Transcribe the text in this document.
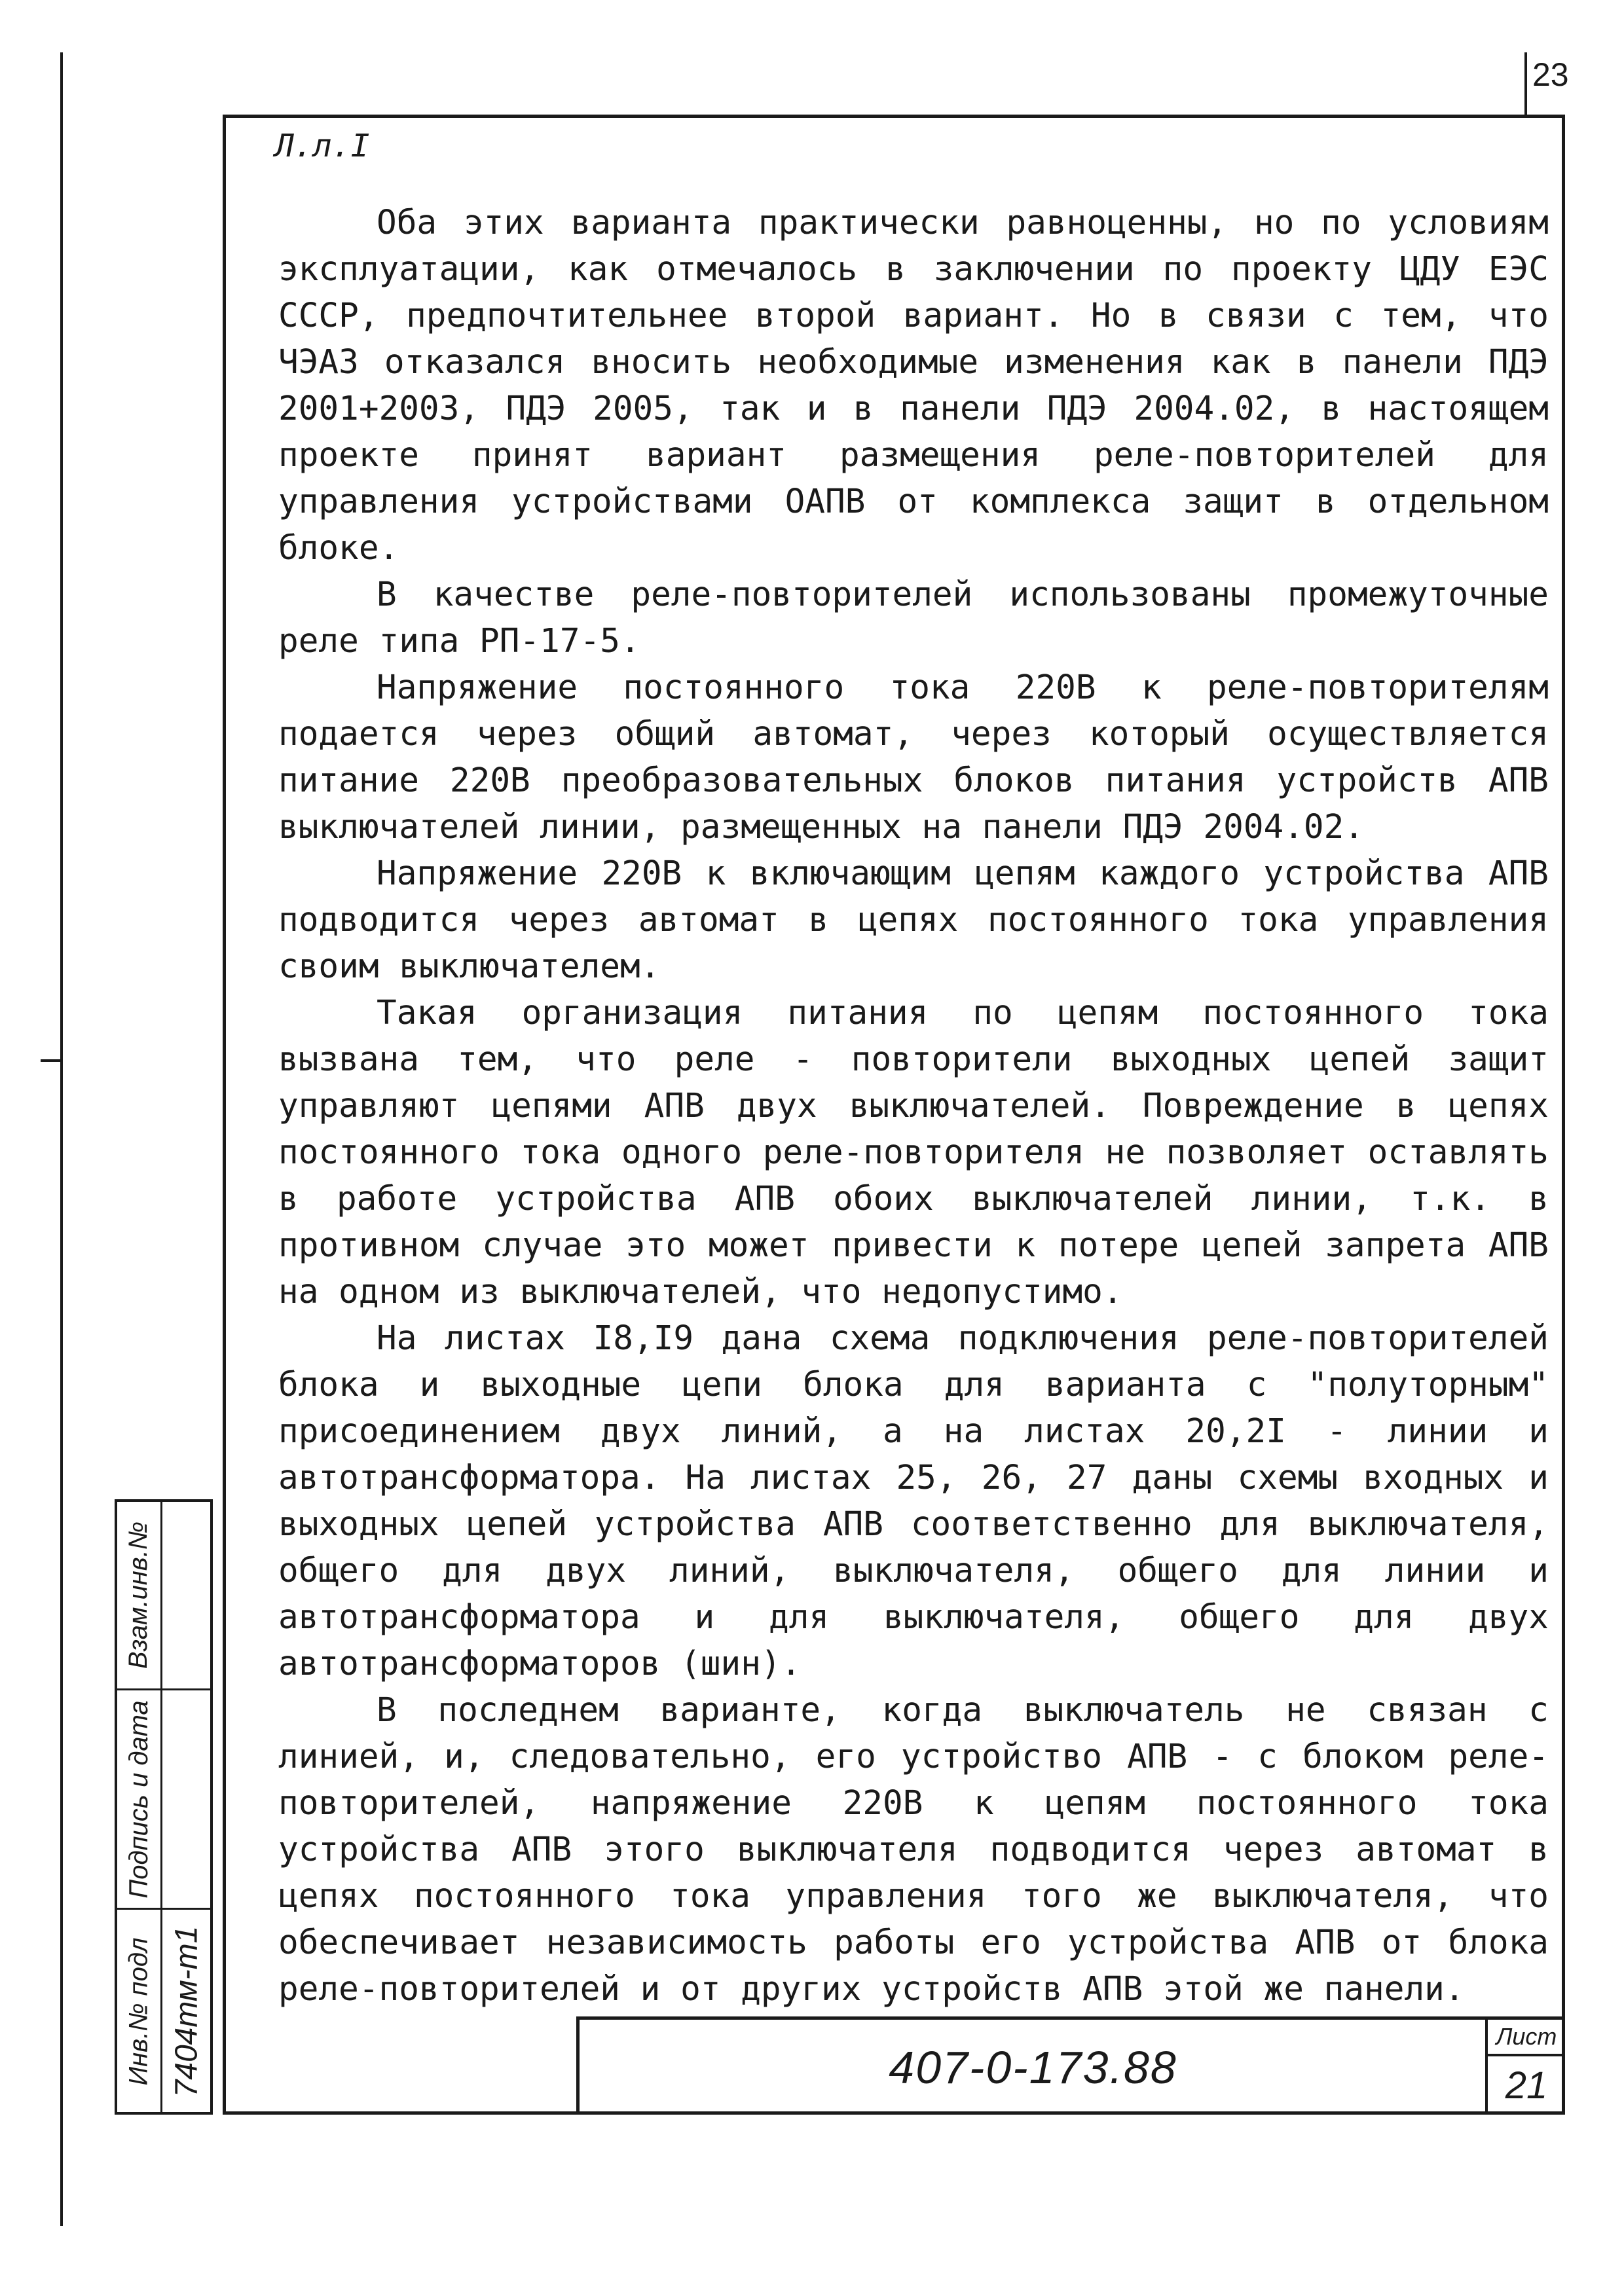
23
Л.л.I

Оба этих варианта практически равноценны, но по условиям эксплуатации, как отмечалось в заключении по проекту ЦДУ ЕЭС СССР, предпочтительнее второй вариант. Но в связи с тем, что ЧЭАЗ отказался вносить необходимые изменения как в панели ПДЭ 2001+2003, ПДЭ 2005, так и в панели ПДЭ 2004.02, в настоящем проекте принят вариант размещения реле-повторителей для управления устройствами ОАПВ от комплекса защит в отдельном блоке.

В качестве реле-повторителей использованы промежуточные реле типа РП-17-5.

Напряжение постоянного тока 220В к реле-повторителям подается через общий автомат, через который осуществляется питание 220В преобразовательных блоков питания устройств АПВ выключателей линии, размещенных на панели ПДЭ 2004.02.

Напряжение 220В к включающим цепям каждого устройства АПВ подводится через автомат в цепях постоянного тока управления своим выключателем.

Такая организация питания по цепям постоянного тока вызвана тем, что реле - повторители выходных цепей защит управляют цепями АПВ двух выключателей. Повреждение в цепях постоянного тока одного реле-повторителя не позволяет оставлять в работе устройства АПВ обоих выключателей линии, т.к. в противном случае это может привести к потере цепей запрета АПВ на одном из выключателей, что недопустимо.

На листах I8,I9 дана схема подключения реле-повторителей блока и выходные цепи блока для варианта с "полуторным" присоединением двух линий, а на листах 20,2I - линии и автотрансформатора. На листах 25, 26, 27 даны схемы входных и выходных цепей устройства АПВ соответственно для выключателя, общего для двух линий, выключателя, общего для линии и автотрансформатора и для выключателя, общего для двух автотрансформаторов (шин).

В последнем варианте, когда выключатель не связан с линией, и, следовательно, его устройство АПВ - с блоком реле-повторителей, напряжение 220В к цепям постоянного тока устройства АПВ этого выключателя подводится через автомат в цепях постоянного тока управления того же выключателя, что обеспечивает независимость работы его устройства АПВ от блока реле-повторителей и от других устройств АПВ этой же панели.

Взам.инв.№
Подпись и дата
Инв.№ подл 7404тм-т1	407-0-173.88
Лист
21
